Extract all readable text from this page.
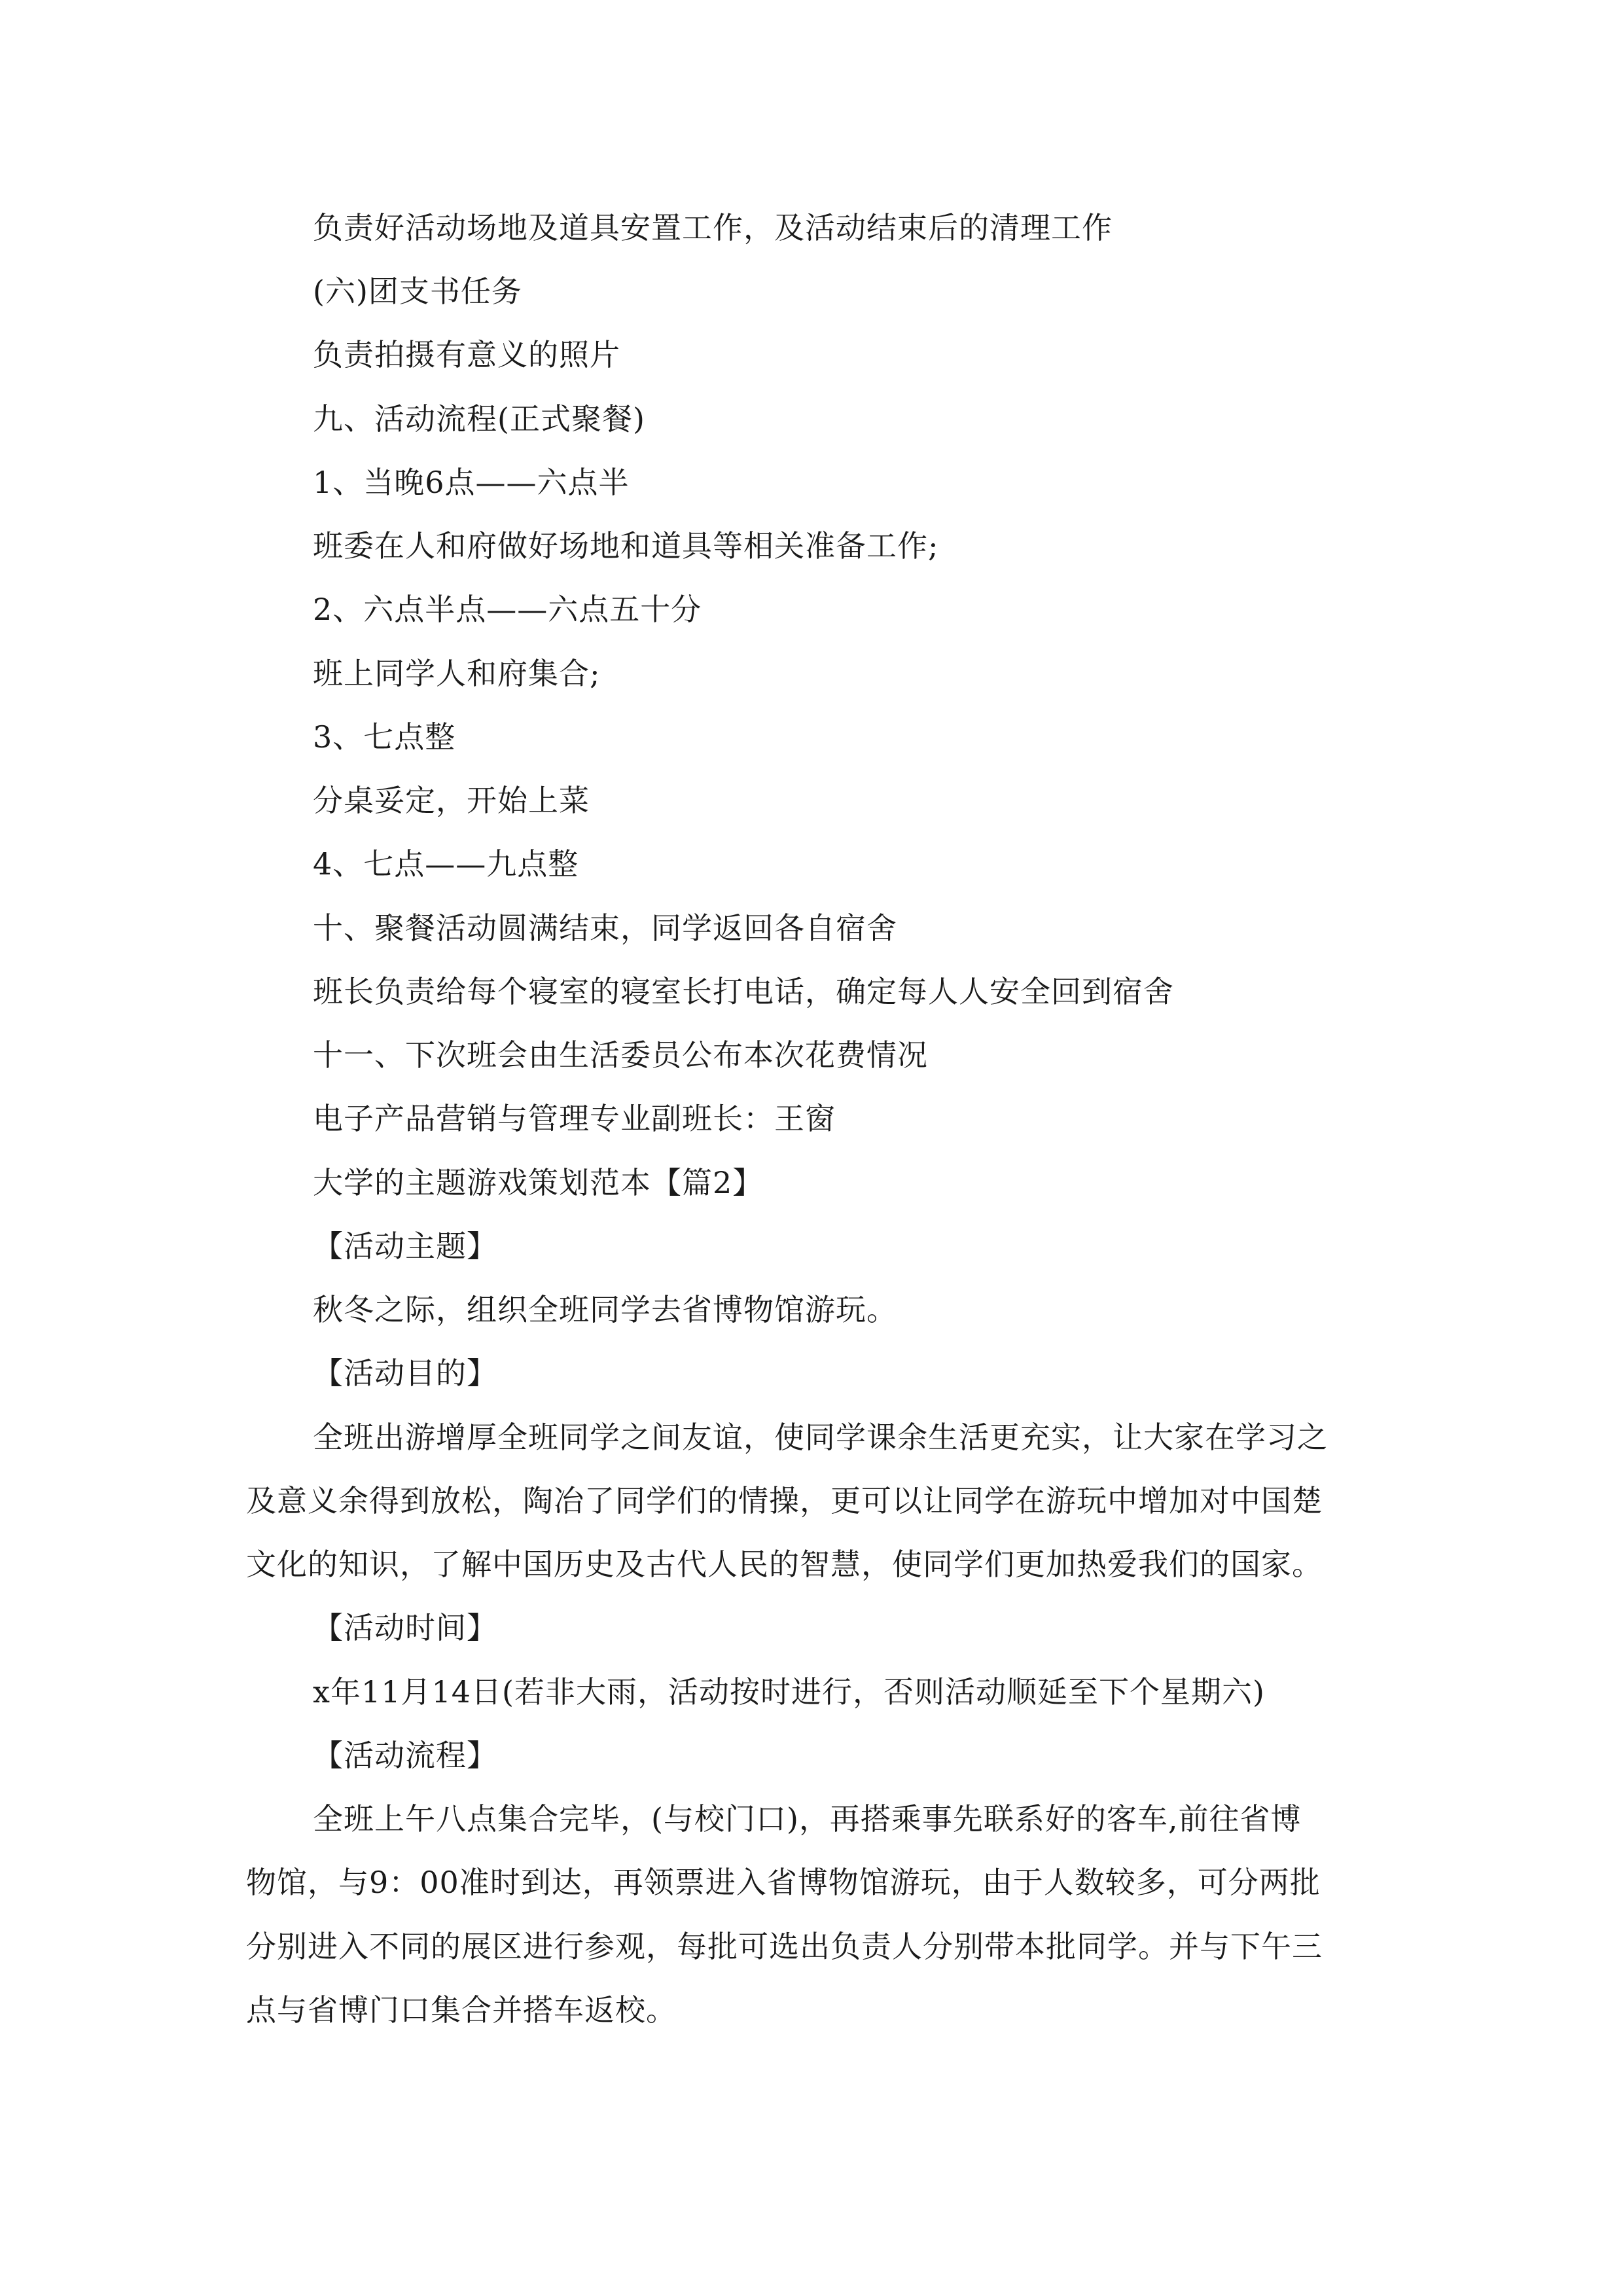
负责好活动场地及道具安置工作，及活动结束后的清理工作
(六)团支书任务
负责拍摄有意义的照片
九、活动流程(正式聚餐)
1、当晚6点——六点半
班委在人和府做好场地和道具等相关准备工作;
2、六点半点——六点五十分
班上同学人和府集合;
3、七点整
分桌妥定，开始上菜
4、七点——九点整
十、聚餐活动圆满结束，同学返回各自宿舍
班长负责给每个寝室的寝室长打电话，确定每人人安全回到宿舍
十一、下次班会由生活委员公布本次花费情况
电子产品营销与管理专业副班长：王窗
大学的主题游戏策划范本【篇2】
【活动主题】
秋冬之际，组织全班同学去省博物馆游玩。
【活动目的】
全班出游增厚全班同学之间友谊，使同学课余生活更充实，让大家在学习之
及意义余得到放松，陶冶了同学们的情操，更可以让同学在游玩中增加对中国楚
文化的知识，了解中国历史及古代人民的智慧，使同学们更加热爱我们的国家。
【活动时间】
x年11月14日(若非大雨，活动按时进行，否则活动顺延至下个星期六)
【活动流程】
全班上午八点集合完毕，(与校门口)，再搭乘事先联系好的客车,前往省博
物馆，与9：00准时到达，再领票进入省博物馆游玩，由于人数较多，可分两批
分别进入不同的展区进行参观，每批可选出负责人分别带本批同学。并与下午三
点与省博门口集合并搭车返校。
